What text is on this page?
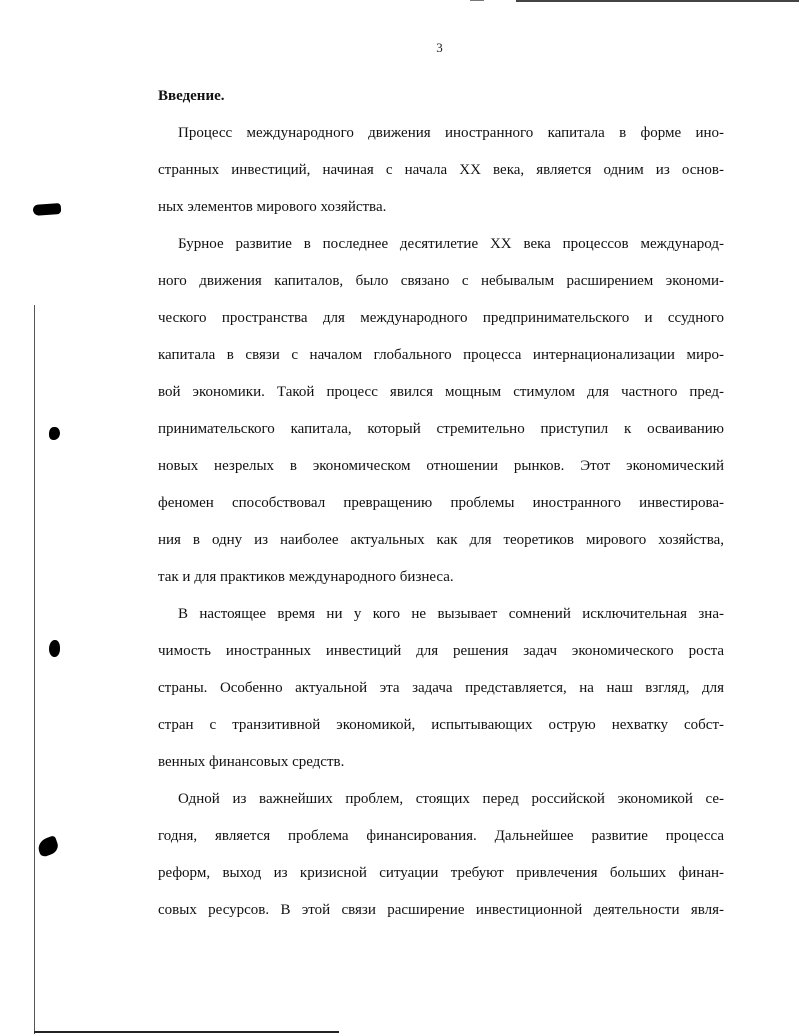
3
Введение.
Процесс международного движения иностранного капитала в форме ино-
странных инвестиций, начиная с начала XX века, является одним из основ-
ных элементов мирового хозяйства.
Бурное развитие в последнее десятилетие XX века процессов международ-
ного движения капиталов, было связано с небывалым расширением экономи-
ческого пространства для международного предпринимательского и ссудного
капитала в связи с началом глобального процесса интернационализации миро-
вой экономики. Такой процесс явился мощным стимулом для частного пред-
принимательского капитала, который стремительно приступил к осваиванию
новых незрелых в экономическом отношении рынков. Этот экономический
феномен способствовал превращению проблемы иностранного инвестирова-
ния в одну из наиболее актуальных как для теоретиков мирового хозяйства,
так и для практиков международного бизнеса.
В настоящее время ни у кого не вызывает сомнений исключительная зна-
чимость иностранных инвестиций для решения задач экономического роста
страны. Особенно актуальной эта задача представляется, на наш взгляд, для
стран с транзитивной экономикой, испытывающих острую нехватку собст-
венных финансовых средств.
Одной из важнейших проблем, стоящих перед российской экономикой се-
годня, является проблема финансирования. Дальнейшее развитие процесса
реформ, выход из кризисной ситуации требуют привлечения больших финан-
совых ресурсов. В этой связи расширение инвестиционной деятельности явля-
